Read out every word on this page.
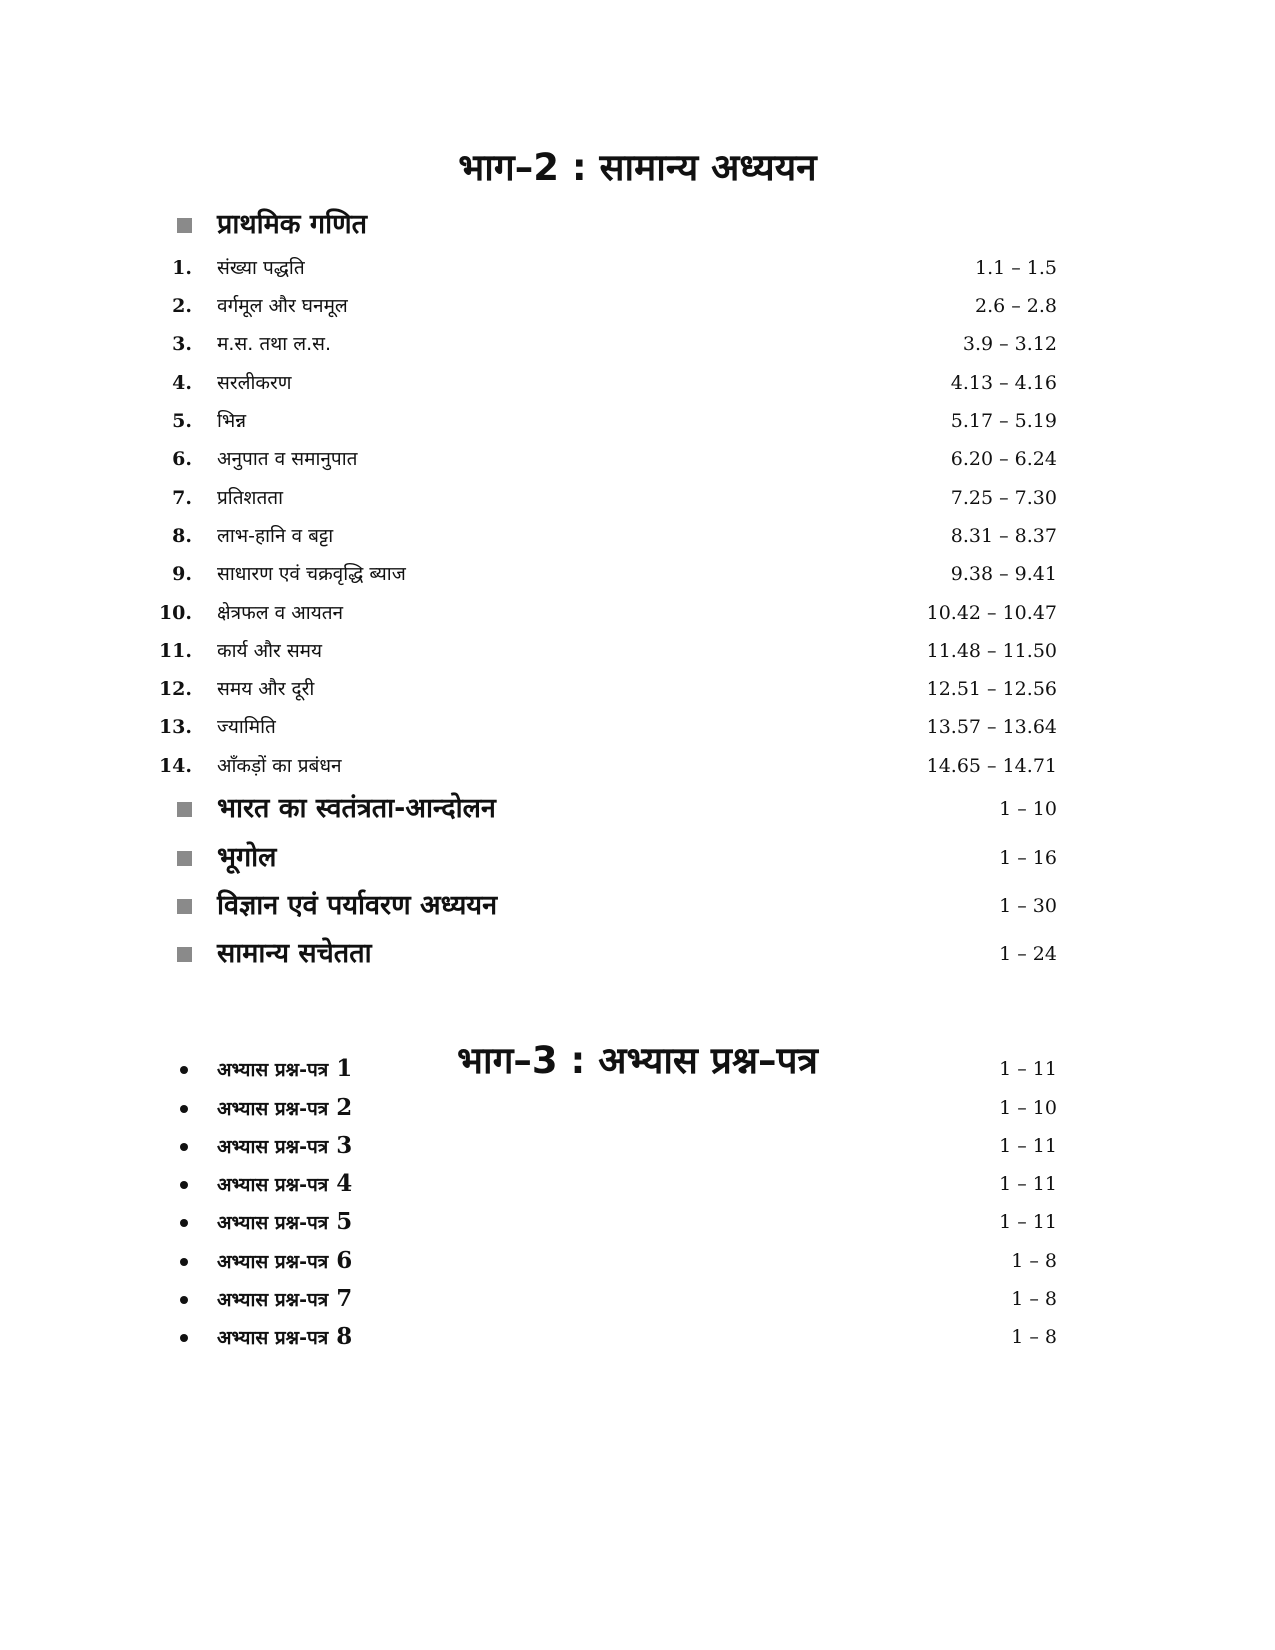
भाग–2 : सामान्य अध्ययन
प्राथमिक गणित
1. संख्या पद्धति	1.1 – 1.5
2. वर्गमूल और घनमूल	2.6 – 2.8
3. म.स. तथा ल.स.	3.9 – 3.12
4. सरलीकरण	4.13 – 4.16
5. भिन्न	5.17 – 5.19
6. अनुपात व समानुपात	6.20 – 6.24
7. प्रतिशतता	7.25 – 7.30
8. लाभ-हानि व बट्टा	8.31 – 8.37
9. साधारण एवं चक्रवृद्धि ब्याज	9.38 – 9.41
10. क्षेत्रफल व आयतन	10.42 – 10.47
11. कार्य और समय	11.48 – 11.50
12. समय और दूरी	12.51 – 12.56
13. ज्यामिति	13.57 – 13.64
14. आँकड़ों का प्रबंधन	14.65 – 14.71
भारत का स्वतंत्रता-आन्दोलन	1 – 10
भूगोल	1 – 16
विज्ञान एवं पर्यावरण अध्ययन	1 – 30
सामान्य सचेतता	1 – 24
भाग–3 : अभ्यास प्रश्न–पत्र
अभ्यास प्रश्न-पत्र 1	1 – 11
अभ्यास प्रश्न-पत्र 2	1 – 10
अभ्यास प्रश्न-पत्र 3	1 – 11
अभ्यास प्रश्न-पत्र 4	1 – 11
अभ्यास प्रश्न-पत्र 5	1 – 11
अभ्यास प्रश्न-पत्र 6	1 – 8
अभ्यास प्रश्न-पत्र 7	1 – 8
अभ्यास प्रश्न-पत्र 8	1 – 8
